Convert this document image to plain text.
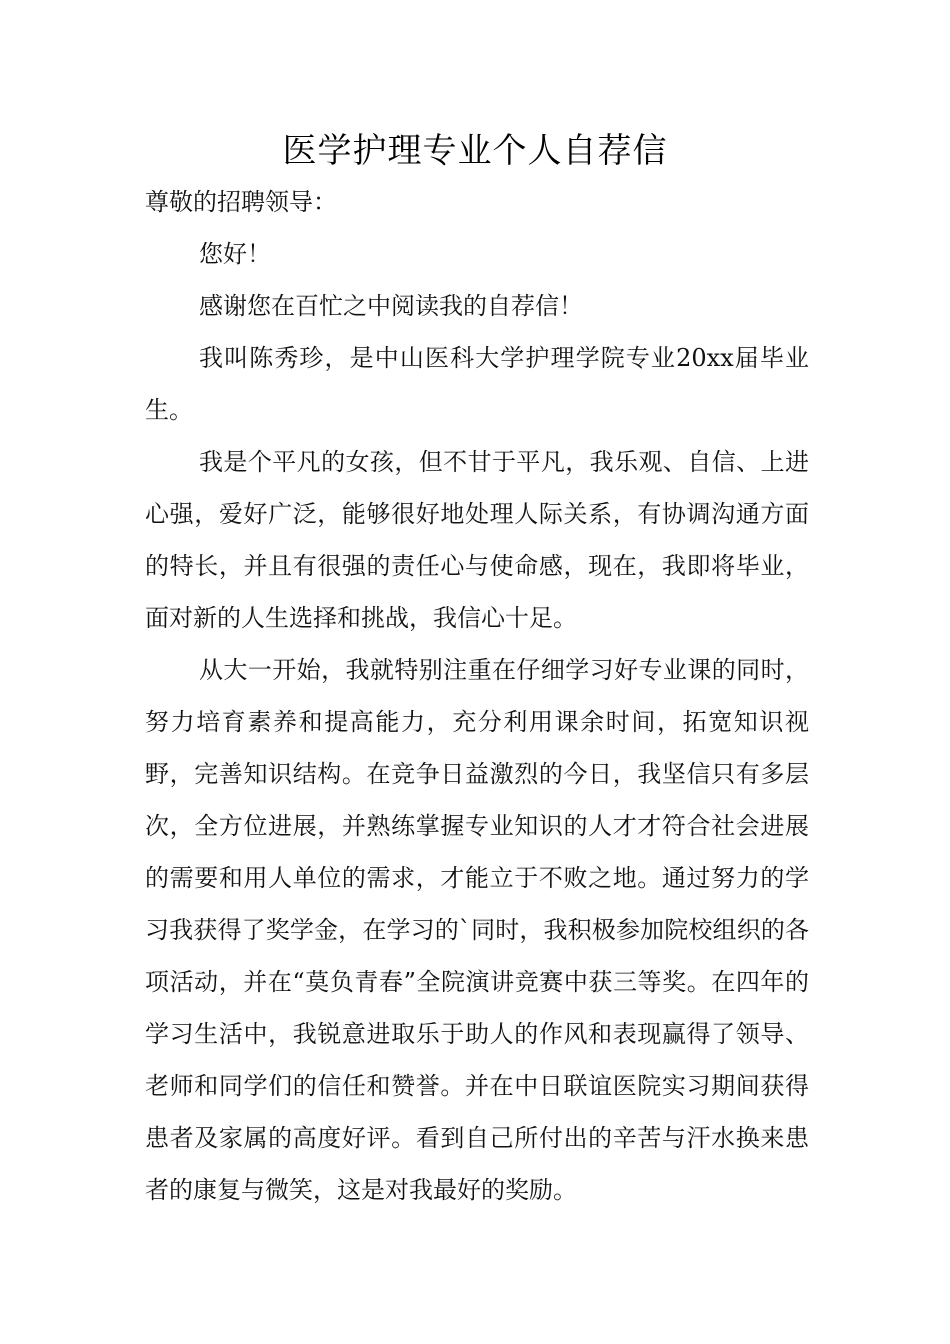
医学护理专业个人自荐信

尊敬的招聘领导：

您好！

感谢您在百忙之中阅读我的自荐信！

我叫陈秀珍，是中山医科大学护理学院专业20xx届毕业生。

我是个平凡的女孩，但不甘于平凡，我乐观、自信、上进心强，爱好广泛，能够很好地处理人际关系，有协调沟通方面的特长，并且有很强的责任心与使命感，现在，我即将毕业，面对新的人生选择和挑战，我信心十足。

从大一开始，我就特别注重在仔细学习好专业课的同时，努力培育素养和提高能力，充分利用课余时间，拓宽知识视野，完善知识结构。在竞争日益激烈的今日，我坚信只有多层次，全方位进展，并熟练掌握专业知识的人才才符合社会进展的需要和用人单位的需求，才能立于不败之地。通过努力的学习我获得了奖学金，在学习的`同时，我积极参加院校组织的各项活动，并在“莫负青春”全院演讲竞赛中获三等奖。在四年的学习生活中，我锐意进取乐于助人的作风和表现赢得了领导、老师和同学们的信任和赞誉。并在中日联谊医院实习期间获得患者及家属的高度好评。看到自己所付出的辛苦与汗水换来患者的康复与微笑，这是对我最好的奖励。
